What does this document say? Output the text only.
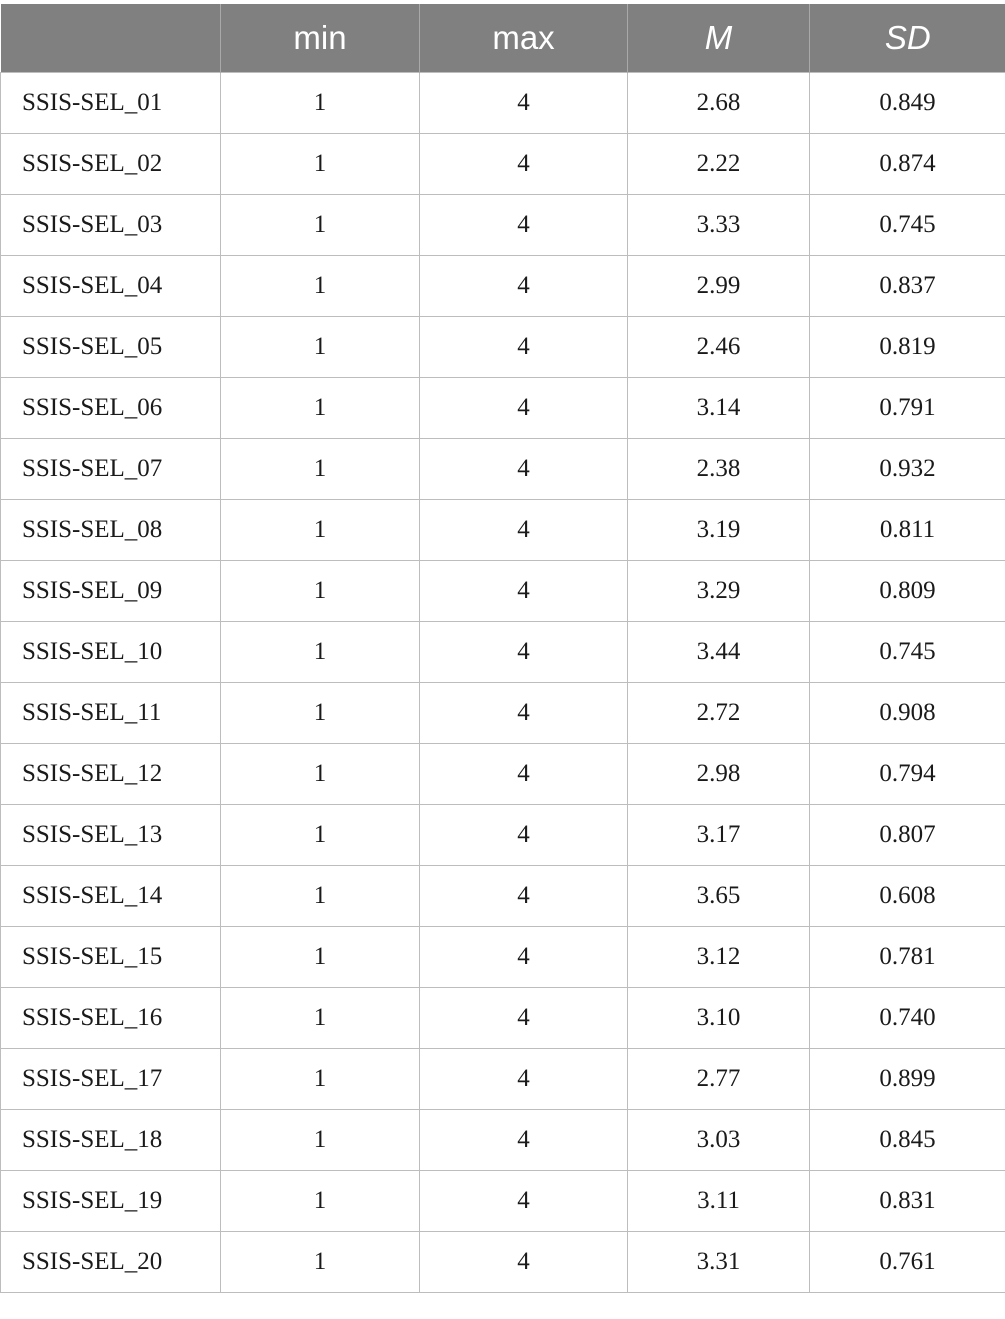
	min	max	M	SD
SSIS-SEL_01	1	4	2.68	0.849
SSIS-SEL_02	1	4	2.22	0.874
SSIS-SEL_03	1	4	3.33	0.745
SSIS-SEL_04	1	4	2.99	0.837
SSIS-SEL_05	1	4	2.46	0.819
SSIS-SEL_06	1	4	3.14	0.791
SSIS-SEL_07	1	4	2.38	0.932
SSIS-SEL_08	1	4	3.19	0.811
SSIS-SEL_09	1	4	3.29	0.809
SSIS-SEL_10	1	4	3.44	0.745
SSIS-SEL_11	1	4	2.72	0.908
SSIS-SEL_12	1	4	2.98	0.794
SSIS-SEL_13	1	4	3.17	0.807
SSIS-SEL_14	1	4	3.65	0.608
SSIS-SEL_15	1	4	3.12	0.781
SSIS-SEL_16	1	4	3.10	0.740
SSIS-SEL_17	1	4	2.77	0.899
SSIS-SEL_18	1	4	3.03	0.845
SSIS-SEL_19	1	4	3.11	0.831
SSIS-SEL_20	1	4	3.31	0.761
